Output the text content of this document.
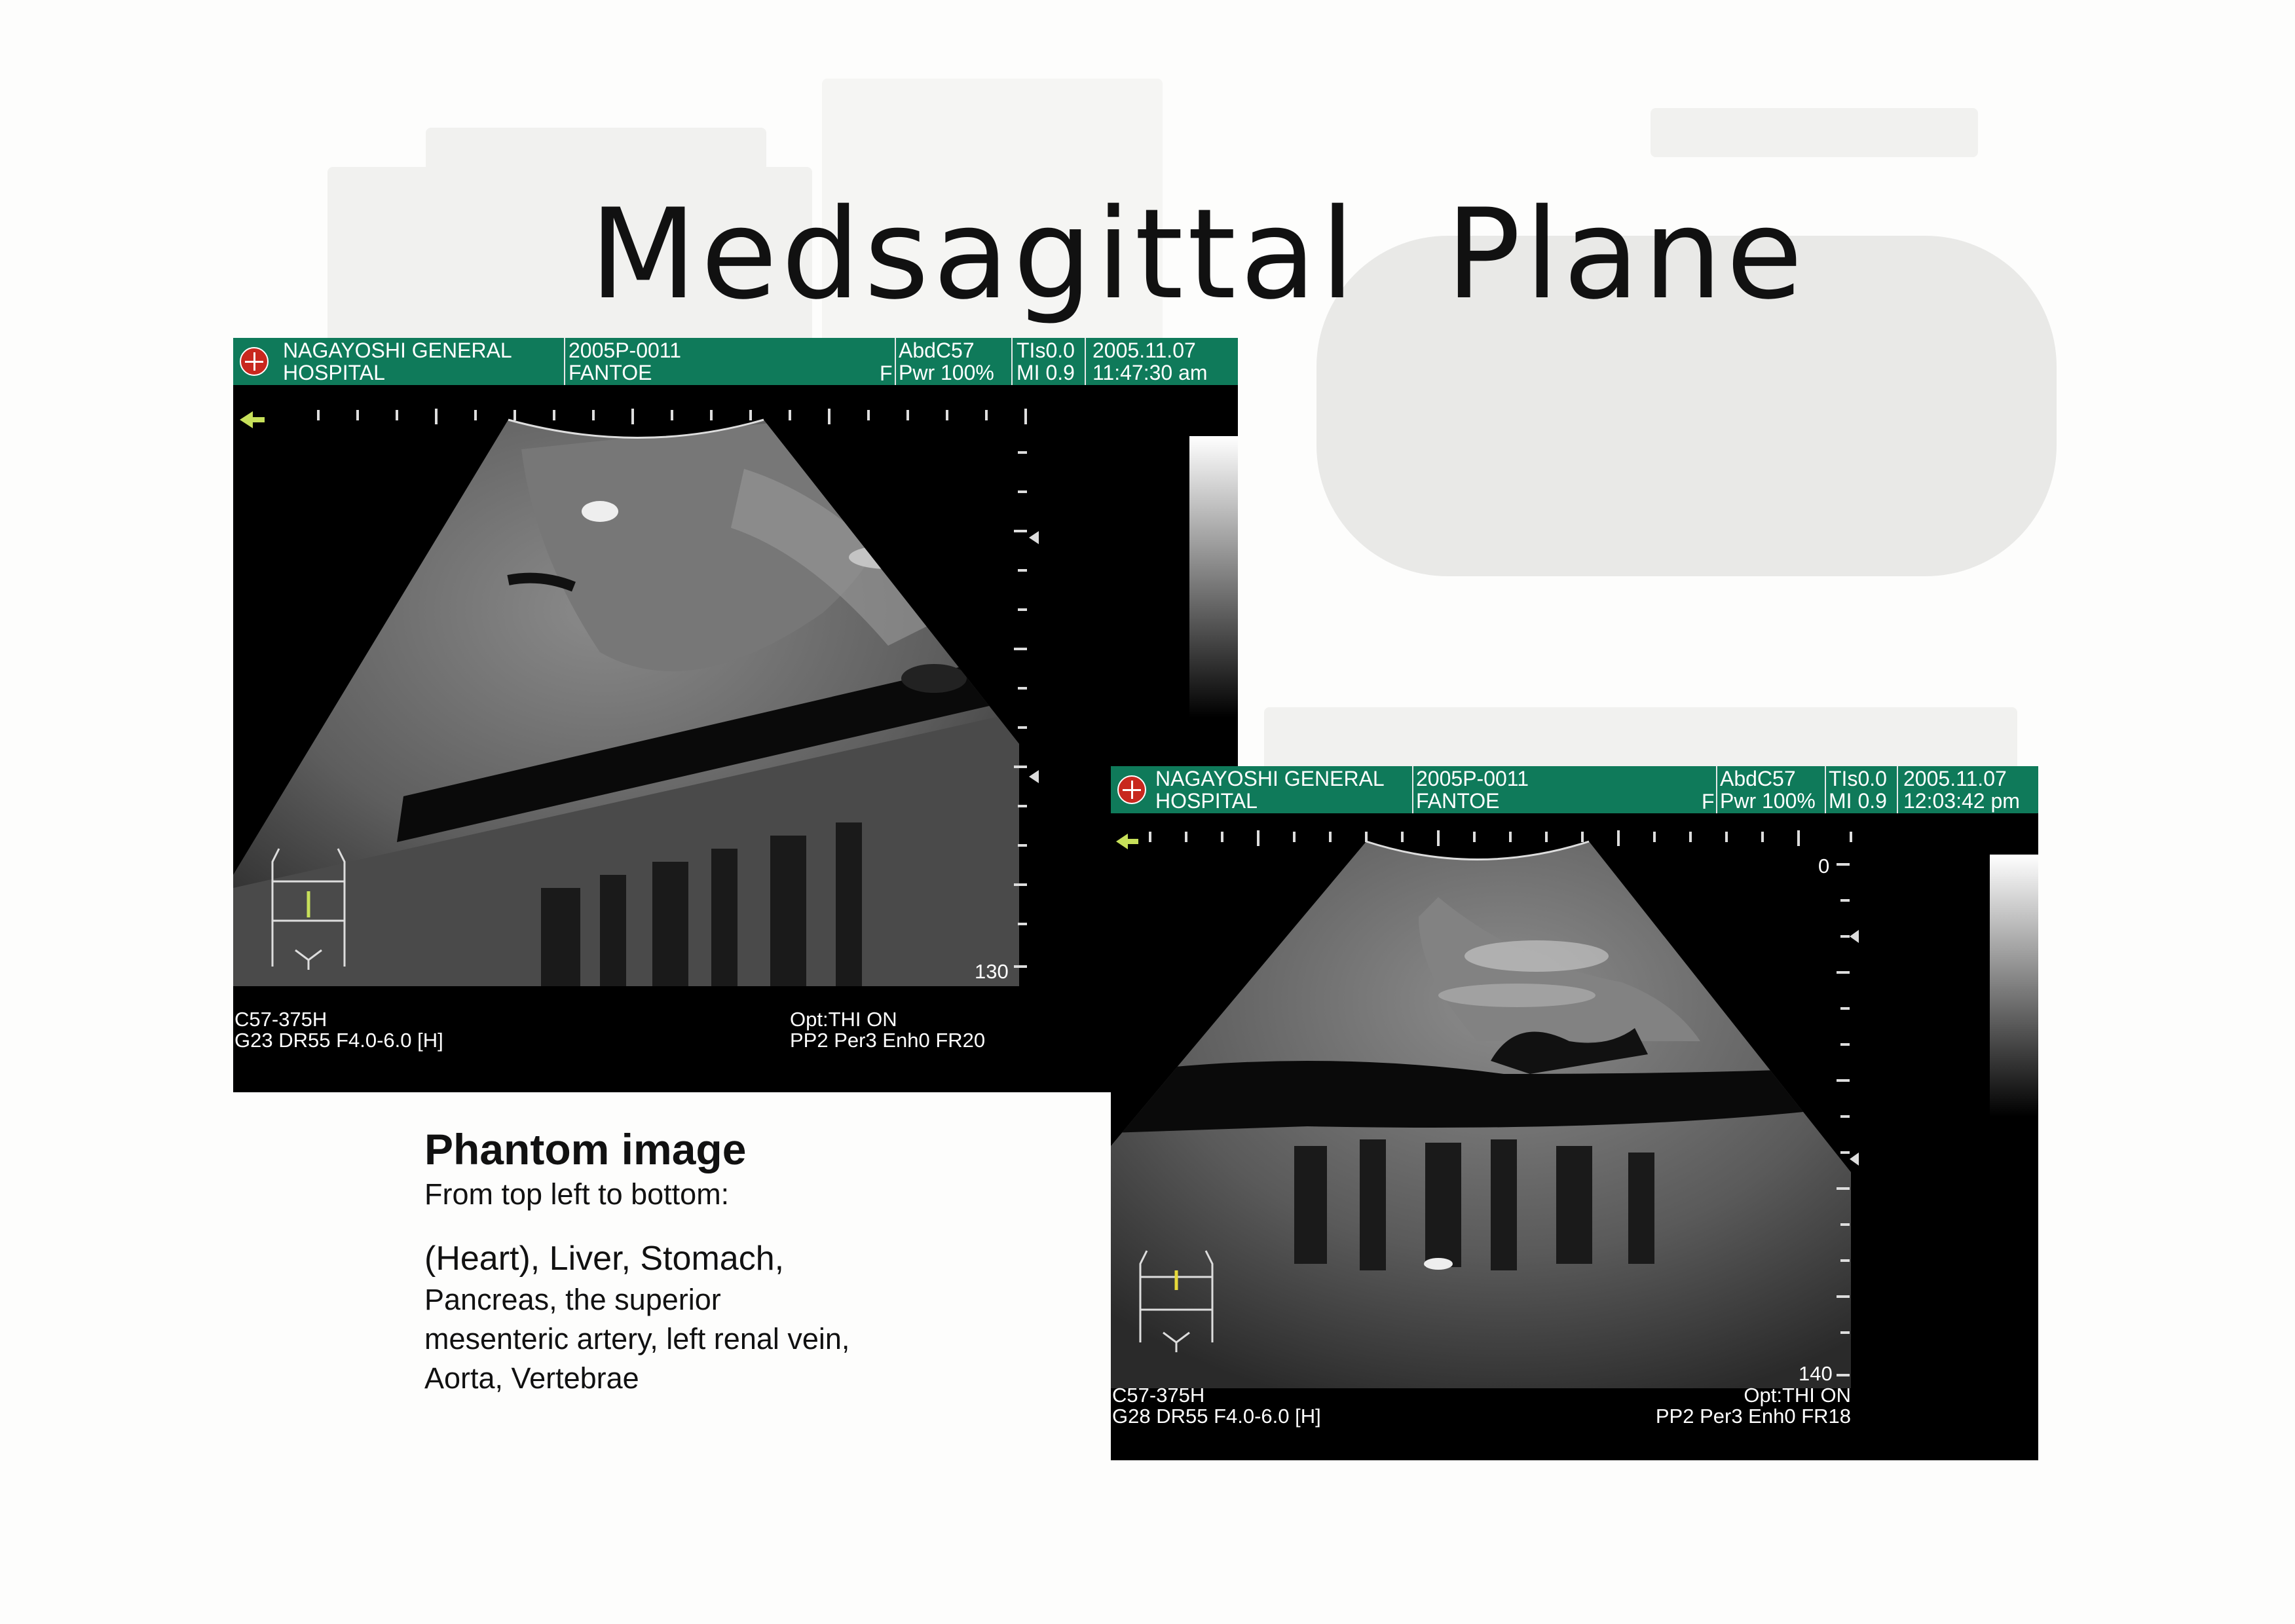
Medsagittal  Plane
NAGAYOSHI GENERAL
HOSPITAL
2005P-0011
FANTOE	F
AbdC57
Pwr 100%
TIs0.0
MI 0.9
2005.11.07
11:47:30 am
130
C57-375H
G23 DR55 F4.0-6.0 [H]
Opt:THI ON
PP2 Per3 Enh0 FR20
NAGAYOSHI GENERAL
HOSPITAL
2005P-0011
FANTOE	F
AbdC57
Pwr 100%
TIs0.0
MI 0.9
2005.11.07
12:03:42 pm
0
140
C57-375H
G28 DR55 F4.0-6.0 [H]
Opt:THI ON
PP2 Per3 Enh0 FR18
Phantom image
From top left to bottom:
(Heart), Liver, Stomach,
Pancreas, the superior mesenteric artery, left renal vein, Aorta, Vertebrae
